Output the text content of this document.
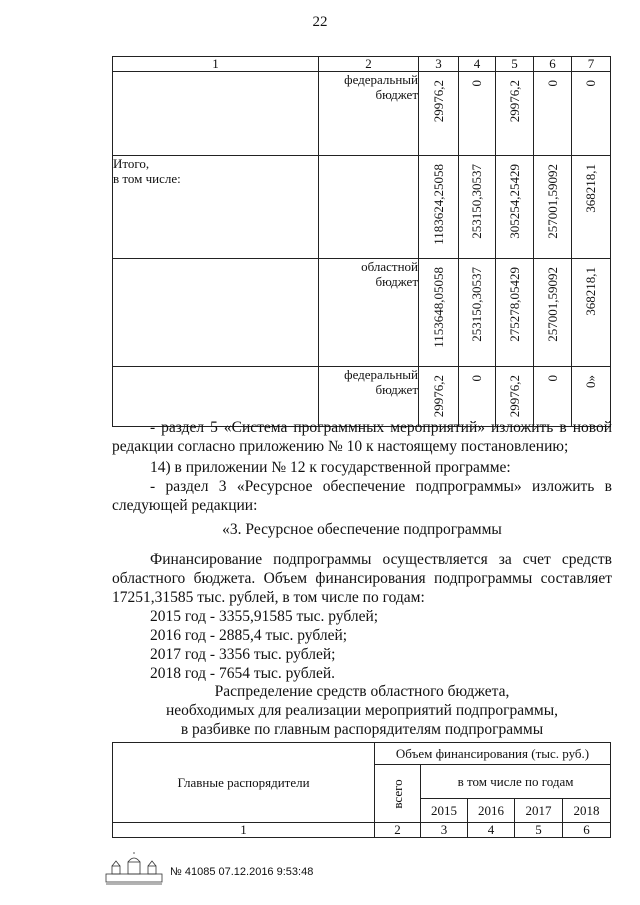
22
1	2	3	4	5	6	7
	федеральный бюджет	29976,2	0	29976,2	0	0

Итого,
в том числе:		1183624,25058	253150,30537	305254,25429	257001,59092	368218,1

	областной бюджет	1153648,05058	253150,30537	275278,05429	257001,59092	368218,1

	федеральный бюджет	29976,2	0	29976,2	0	0»
- раздел 5 «Система программных мероприятий» изложить в новой
редакции согласно приложению № 10 к настоящему постановлению;
14) в приложении № 12 к государственной программе:
- раздел 3 «Ресурсное обеспечение подпрограммы» изложить в
следующей редакции:
«3. Ресурсное обеспечение подпрограммы
Финансирование подпрограммы осуществляется за счет средств
областного бюджета. Объем финансирования подпрограммы составляет
17251,31585 тыс. рублей, в том числе по годам:
2015 год - 3355,91585 тыс. рублей;
2016 год - 2885,4 тыс. рублей;
2017 год - 3356 тыс. рублей;
2018 год - 7654 тыс. рублей.
Распределение средств областного бюджета,
необходимых для реализации мероприятий подпрограммы,
в разбивке по главным распорядителям подпрограммы
Главные распорядители	Объем финансирования (тыс. руб.)				

	всего	в том числе по годам			
		2015	2016	2017	2018
1	2	3	4	5	6
№ 41085 07.12.2016 9:53:48
